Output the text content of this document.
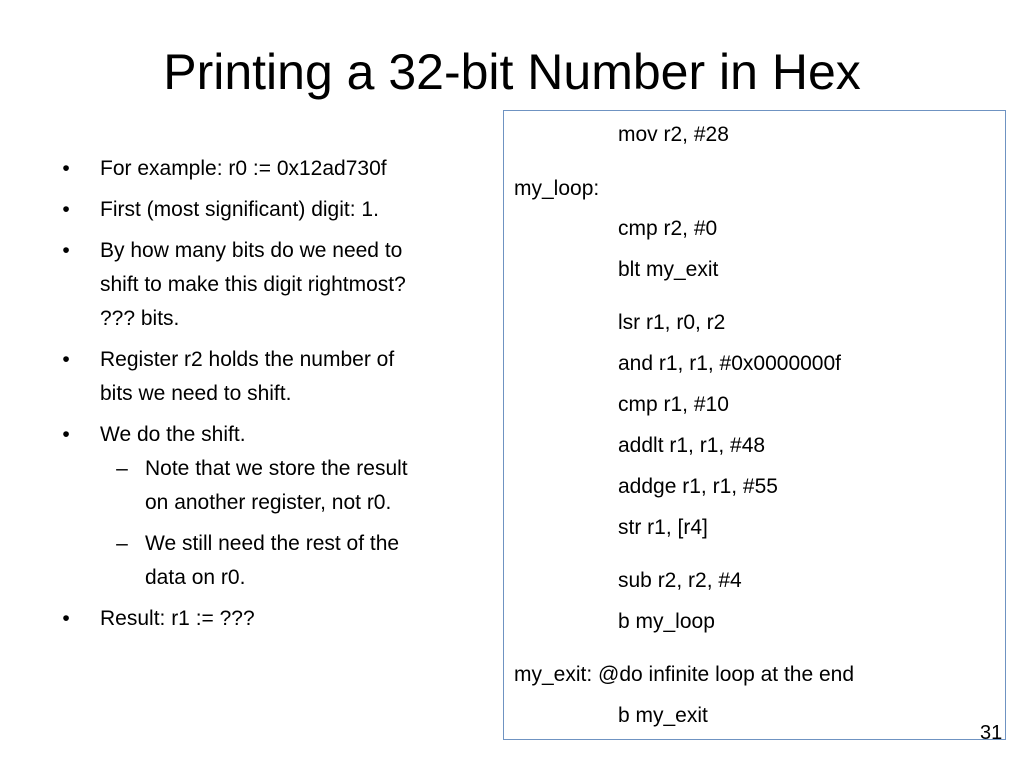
Printing a 32-bit Number in Hex
• For example: r0 := 0x12ad730f
• First (most significant) digit: 1.
• By how many bits do we need to
shift to make this digit rightmost?
??? bits.
• Register r2 holds the number of
bits we need to shift.
• We do the shift.
– Note that we store the result
on another register, not r0.
– We still need the rest of the
data on r0.
• Result: r1 := ???
mov r2, #28
my_loop:
cmp r2, #0
blt my_exit
lsr r1, r0, r2
and r1, r1, #0x0000000f
cmp r1, #10
addlt r1, r1, #48
addge r1, r1, #55
str r1, [r4]
sub r2, r2, #4
b my_loop
my_exit: @do infinite loop at the end
b my_exit
31
